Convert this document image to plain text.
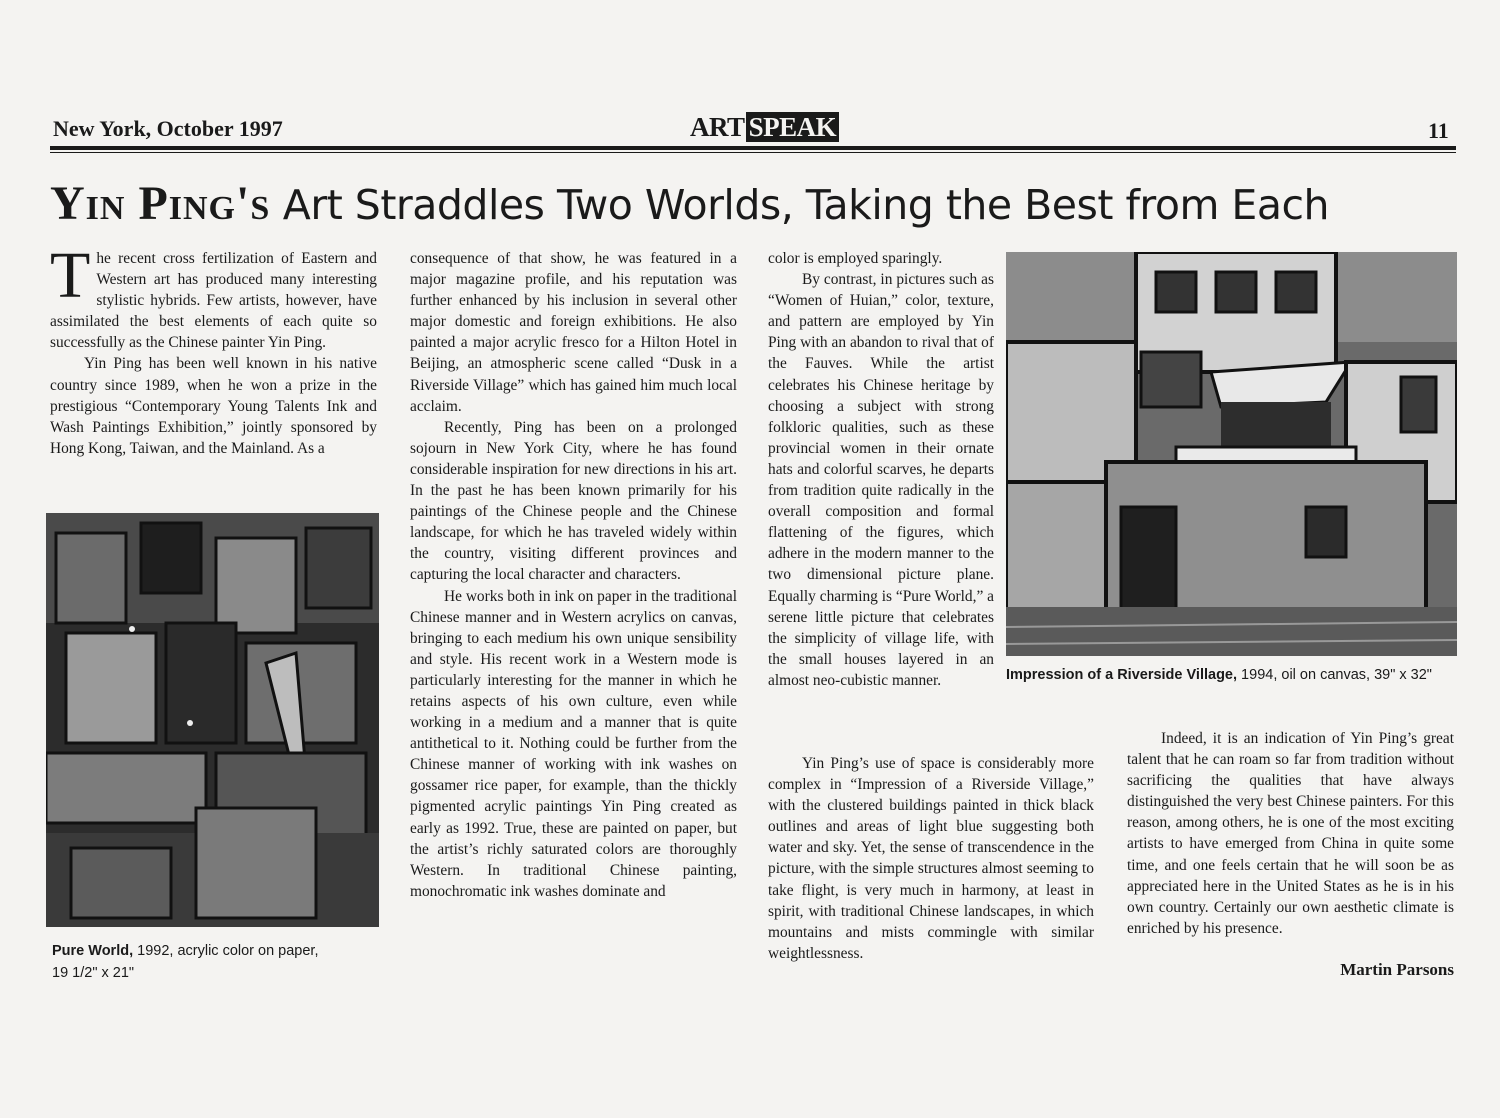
New York, October 1997	ART SPEAK	11
Yin Ping's Art Straddles Two Worlds, Taking the Best from Each

The recent cross fertilization of Eastern and Western art has produced many interesting stylistic hybrids. Few artists, however, have assimilated the best elements of each quite so successfully as the Chinese painter Yin Ping.

Yin Ping has been well known in his native country since 1989, when he won a prize in the prestigious “Contemporary Young Talents Ink and Wash Paintings Exhibition,” jointly sponsored by Hong Kong, Taiwan, and the Mainland. As a

Pure World, 1992, acrylic color on paper,
19 1/2" x 21"

consequence of that show, he was featured in a major magazine profile, and his reputation was further enhanced by his inclusion in several other major domestic and foreign exhibitions. He also painted a major acrylic fresco for a Hilton Hotel in Beijing, an atmospheric scene called “Dusk in a Riverside Village” which has gained him much local acclaim.

Recently, Ping has been on a prolonged sojourn in New York City, where he has found considerable inspiration for new directions in his art. In the past he has been known primarily for his paintings of the Chinese people and the Chinese landscape, for which he has traveled widely within the country, visiting different provinces and capturing the local character and characters.

He works both in ink on paper in the traditional Chinese manner and in Western acrylics on canvas, bringing to each medium his own unique sensibility and style. His recent work in a Western mode is particularly interesting for the manner in which he retains aspects of his own culture, even while working in a medium and a manner that is quite antithetical to it. Nothing could be further from the Chinese manner of working with ink washes on gossamer rice paper, for example, than the thickly pigmented acrylic paintings Yin Ping created as early as 1992. True, these are painted on paper, but the artist’s richly saturated colors are thoroughly Western. In traditional Chinese painting, monochromatic ink washes dominate and

color is employed sparingly.

By contrast, in pictures such as “Women of Huian,” color, texture, and pattern are employed by Yin Ping with an abandon to rival that of the Fauves. While the artist celebrates his Chinese heritage by choosing a subject with strong folkloric qualities, such as these provincial women in their ornate hats and colorful scarves, he departs from tradition quite radically in the overall composition and formal flattening of the figures, which adhere in the modern manner to the two dimensional picture plane. Equally charming is “Pure World,” a serene little picture that celebrates the simplicity of village life, with the small houses layered in an almost neo-cubistic manner.	Impression of a Riverside Village, 1994, oil on canvas, 39" x 32"

Yin Ping’s use of space is considerably more complex in “Impression of a Riverside Village,” with the clustered buildings painted in thick black outlines and areas of light blue suggesting both water and sky. Yet, the sense of transcendence in the picture, with the simple structures almost seeming to take flight, is very much in harmony, at least in spirit, with traditional Chinese landscapes, in which mountains and mists commingle with similar weightlessness.

Indeed, it is an indication of Yin Ping’s great talent that he can roam so far from tradition without sacrificing the qualities that have always distinguished the very best Chinese painters. For this reason, among others, he is one of the most exciting artists to have emerged from China in quite some time, and one feels certain that he will soon be as appreciated here in the United States as he is in his own country. Certainly our own aesthetic climate is enriched by his presence.

Martin Parsons
